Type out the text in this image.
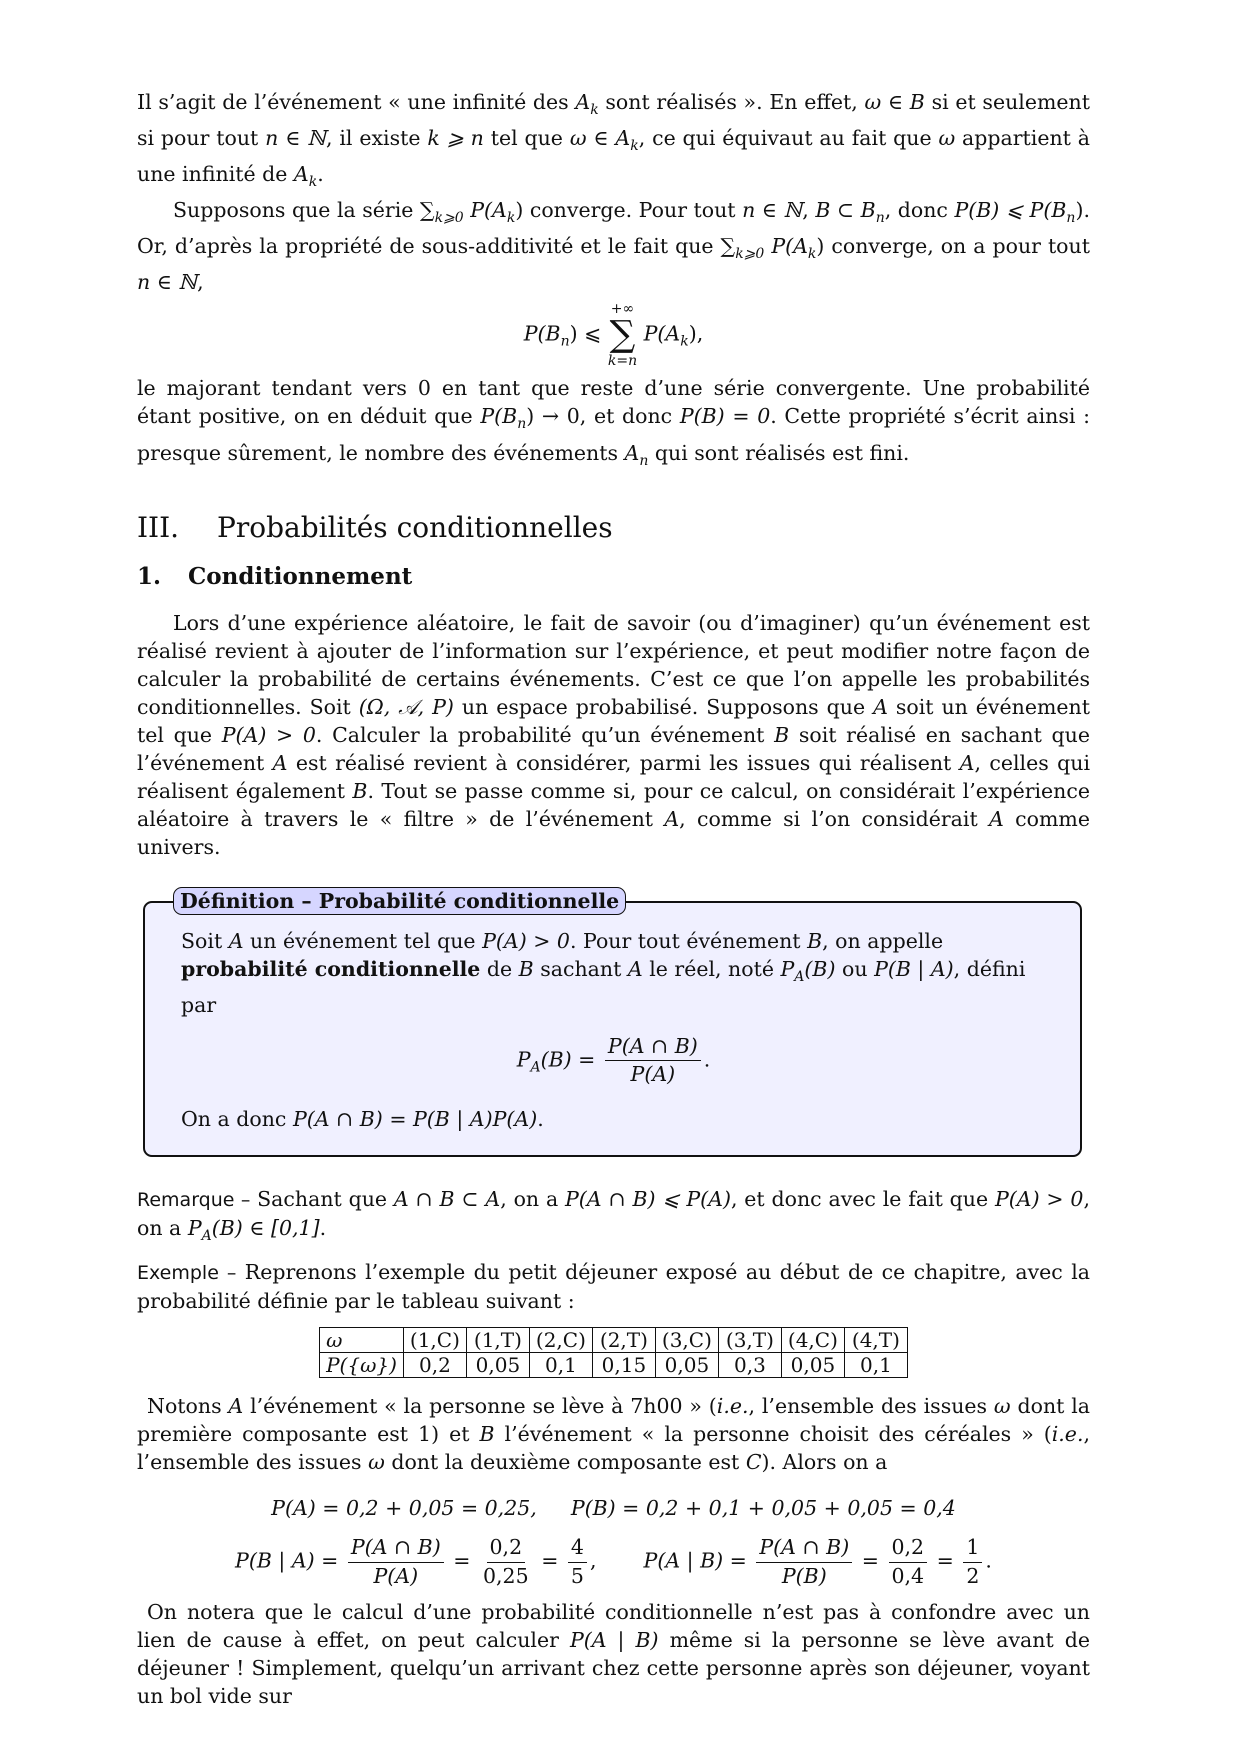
Il s’agit de l’événement « une infinité des $A_k$ sont réalisés ». En effet, ω ∈ B si et seulement si pour tout n ∈ ℕ, il existe k ⩾ n tel que ω ∈ $A_k$, ce qui équivaut au fait que ω appartient à une infinité de $A_k$.

Supposons que la série $\sum_{k⩾0}$ $P(A_k)$ converge. Pour tout n ∈ ℕ, B ⊂ $B_n$, donc P(B) ⩽ $P(B_n)$. Or, d’après la propriété de sous-additivité et le fait que $\sum_{k⩾0}$ $P(A_k)$ converge, on a pour tout n ∈ ℕ,

$P(B_n)$ ⩽
+∞
∑
k=n
$P(A_k)$,

le majorant tendant vers 0 en tant que reste d’une série convergente. Une probabilité étant positive, on en déduit que $P(B_n) \to 0$, et donc P(B) = 0. Cette propriété s’écrit ainsi : presque sûrement, le nombre des événements $A_n$ qui sont réalisés est fini.

III. Probabilités conditionnelles
1. Conditionnement

Lors d’une expérience aléatoire, le fait de savoir (ou d’imaginer) qu’un événement est réalisé revient à ajouter de l’information sur l’expérience, et peut modifier notre façon de calculer la probabilité de certains événements. C’est ce que l’on appelle les probabilités conditionnelles. Soit (Ω, 𝒜, P) un espace probabilisé. Supposons que A soit un événement tel que P(A) > 0. Calculer la probabilité qu’un événement B soit réalisé en sachant que l’événement A est réalisé revient à considérer, parmi les issues qui réalisent A, celles qui réalisent également B. Tout se passe comme si, pour ce calcul, on considérait l’expérience aléatoire à travers le « filtre » de l’événement A, comme si l’on considérait A comme univers.

Définition – Probabilité conditionnelle

Soit A un événement tel que P(A) > 0. Pour tout événement B, on appelle probabilité conditionnelle de B sachant A le réel, noté $P_A(B)$ ou P(B | A), défini par

$P_A(B) = \frac{P(A \cap B)}{P(A)}$ .

On a donc P(A ∩ B) = P(B | A)P(A).

Remarque – Sachant que A ∩ B ⊂ A, on a P(A ∩ B) ⩽ P(A), et donc avec le fait que P(A) > 0, on a $P_A(B)$ ∈ [0,1].

Exemple – Reprenons l’exemple du petit déjeuner exposé au début de ce chapitre, avec la probabilité définie par le tableau suivant :

ω	(1,C)	(1,T)	(2,C)	(2,T)	(3,C)	(3,T)	(4,C)	(4,T)
P({ω})	0,2	0,05	0,1	0,15	0,05	0,3	0,05	0,1

Notons A l’événement « la personne se lève à 7h00 » (i.e., l’ensemble des issues ω dont la première composante est 1) et B l’événement « la personne choisit des céréales » (i.e., l’ensemble des issues ω dont la deuxième composante est C). Alors on a

P(A) = 0,2 + 0,05 = 0,25, P(B) = 0,2 + 0,1 + 0,05 + 0,05 = 0,4
P(B | $A) = \frac{P(A \cap B)}{P(A)} = \frac{0,2}{0,25} = \frac{4}{5}$ , P(A | $B) = \frac{P(A \cap B)}{P(B)} = \frac{0,2}{0,4} = \frac{1}{2}$ .

On notera que le calcul d’une probabilité conditionnelle n’est pas à confondre avec un lien de cause à effet, on peut calculer P(A | B) même si la personne se lève avant de déjeuner ! Simplement, quelqu’un arrivant chez cette personne après son déjeuner, voyant un bol vide sur
